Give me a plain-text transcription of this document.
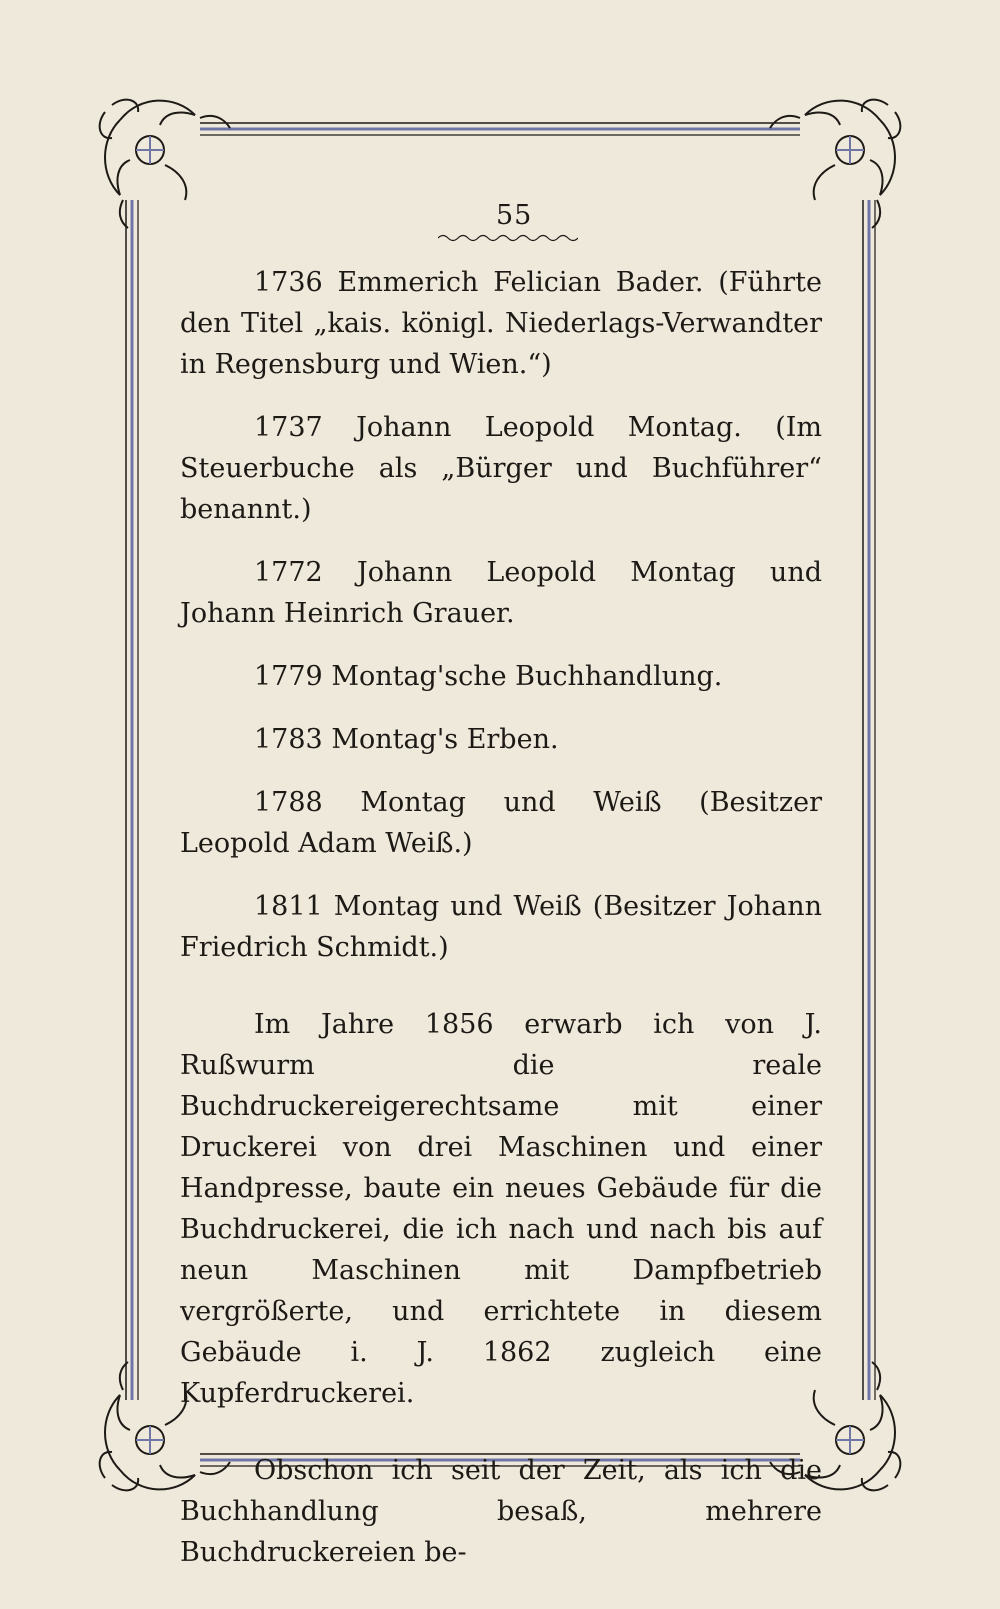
55

1736 Emmerich Felician Bader. (Führte den Titel „kais. königl. Niederlags-Verwandter in Regensburg und Wien.“)

1737 Johann Leopold Montag. (Im Steuerbuche als „Bürger und Buchführer“ benannt.)

1772 Johann Leopold Montag und Johann Heinrich Grauer.

1779 Montag'sche Buchhandlung.

1783 Montag's Erben.

1788 Montag und Weiß (Besitzer Leopold Adam Weiß.)

1811 Montag und Weiß (Besitzer Johann Friedrich Schmidt.)

Im Jahre 1856 erwarb ich von J. Rußwurm die reale Buchdruckereigerechtsame mit einer Druckerei von drei Maschinen und einer Handpresse, baute ein neues Gebäude für die Buchdruckerei, die ich nach und nach bis auf neun Maschinen mit Dampfbetrieb vergrößerte, und errichtete in diesem Gebäude i. J. 1862 zugleich eine Kupferdruckerei.

Obschon ich seit der Zeit, als ich die Buchhandlung besaß, mehrere Buchdruckereien be-
